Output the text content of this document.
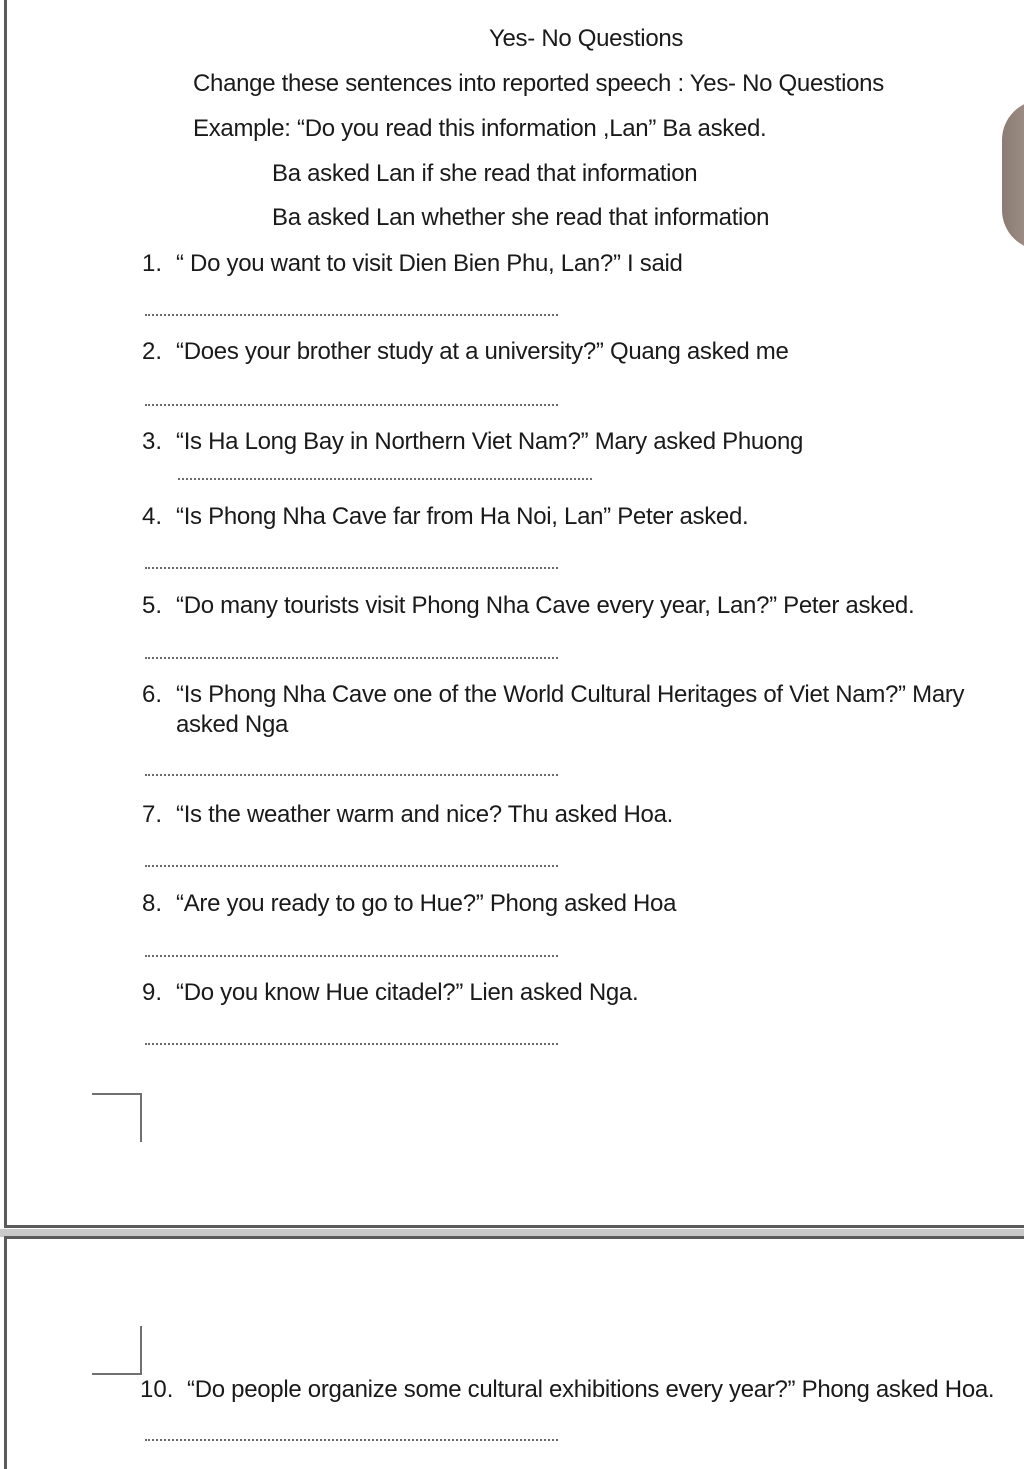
Yes- No Questions
Change these sentences into reported speech : Yes- No Questions
Example: “Do you read this information ,Lan” Ba asked.
Ba asked Lan if she read that information
Ba asked Lan whether she read that information
1. “ Do you want to visit Dien Bien Phu, Lan?” I said
2. “Does your brother study at a university?” Quang asked me
3. “Is Ha Long Bay in Northern Viet Nam?” Mary asked Phuong
4. “Is Phong Nha Cave far from Ha Noi, Lan” Peter asked.
5. “Do many tourists visit Phong Nha Cave every year, Lan?” Peter asked.
6. “Is Phong Nha Cave one of the World Cultural Heritages of Viet Nam?” Mary
asked Nga
7. “Is the weather warm and nice? Thu asked Hoa.
8. “Are you ready to go to Hue?” Phong asked Hoa
9. “Do you know Hue citadel?” Lien asked Nga.
10. “Do people organize some cultural exhibitions every year?” Phong asked Hoa.
